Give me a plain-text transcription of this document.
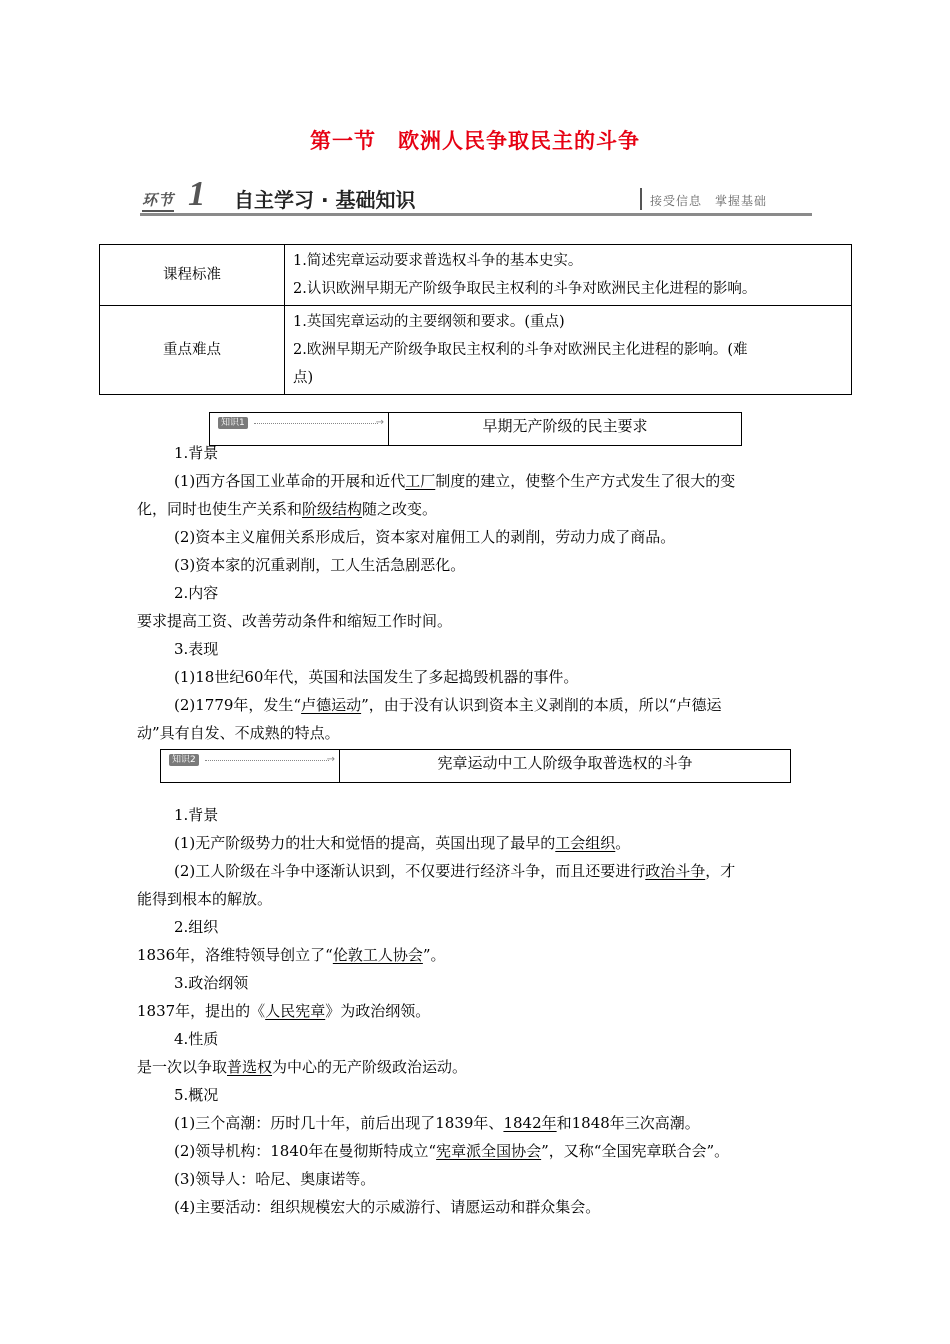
第一节　欧洲人民争取民主的斗争
环节 1 自主学习 · 基础知识	接受信息　掌握基础
课程标准	1.简述宪章运动要求普选权斗争的基本史实。
2.认识欧洲早期无产阶级争取民主权利的斗争对欧洲民主化进程的影响。

重点难点	1.英国宪章运动的主要纲领和要求。(重点)
2.欧洲早期无产阶级争取民主权利的斗争对欧洲民主化进程的影响。(难
点)
知识1	→	早期无产阶级的民主要求
1.背景
(1)西方各国工业革命的开展和近代工厂制度的建立，使整个生产方式发生了很大的变
化，同时也使生产关系和阶级结构随之改变。
(2)资本主义雇佣关系形成后，资本家对雇佣工人的剥削，劳动力成了商品。
(3)资本家的沉重剥削，工人生活急剧恶化。
2.内容
要求提高工资、改善劳动条件和缩短工作时间。
3.表现
(1)18世纪60年代，英国和法国发生了多起捣毁机器的事件。
(2)1779年，发生“卢德运动”，由于没有认识到资本主义剥削的本质，所以“卢德运
动”具有自发、不成熟的特点。
知识2	→	宪章运动中工人阶级争取普选权的斗争
1.背景
(1)无产阶级势力的壮大和觉悟的提高，英国出现了最早的工会组织。
(2)工人阶级在斗争中逐渐认识到，不仅要进行经济斗争，而且还要进行政治斗争，才
能得到根本的解放。
2.组织
1836年，洛维特领导创立了“伦敦工人协会”。
3.政治纲领
1837年，提出的《人民宪章》为政治纲领。
4.性质
是一次以争取普选权为中心的无产阶级政治运动。
5.概况
(1)三个高潮：历时几十年，前后出现了1839年、1842年和1848年三次高潮。
(2)领导机构：1840年在曼彻斯特成立“宪章派全国协会”，又称“全国宪章联合会”。
(3)领导人：哈尼、奥康诺等。
(4)主要活动：组织规模宏大的示威游行、请愿运动和群众集会。
